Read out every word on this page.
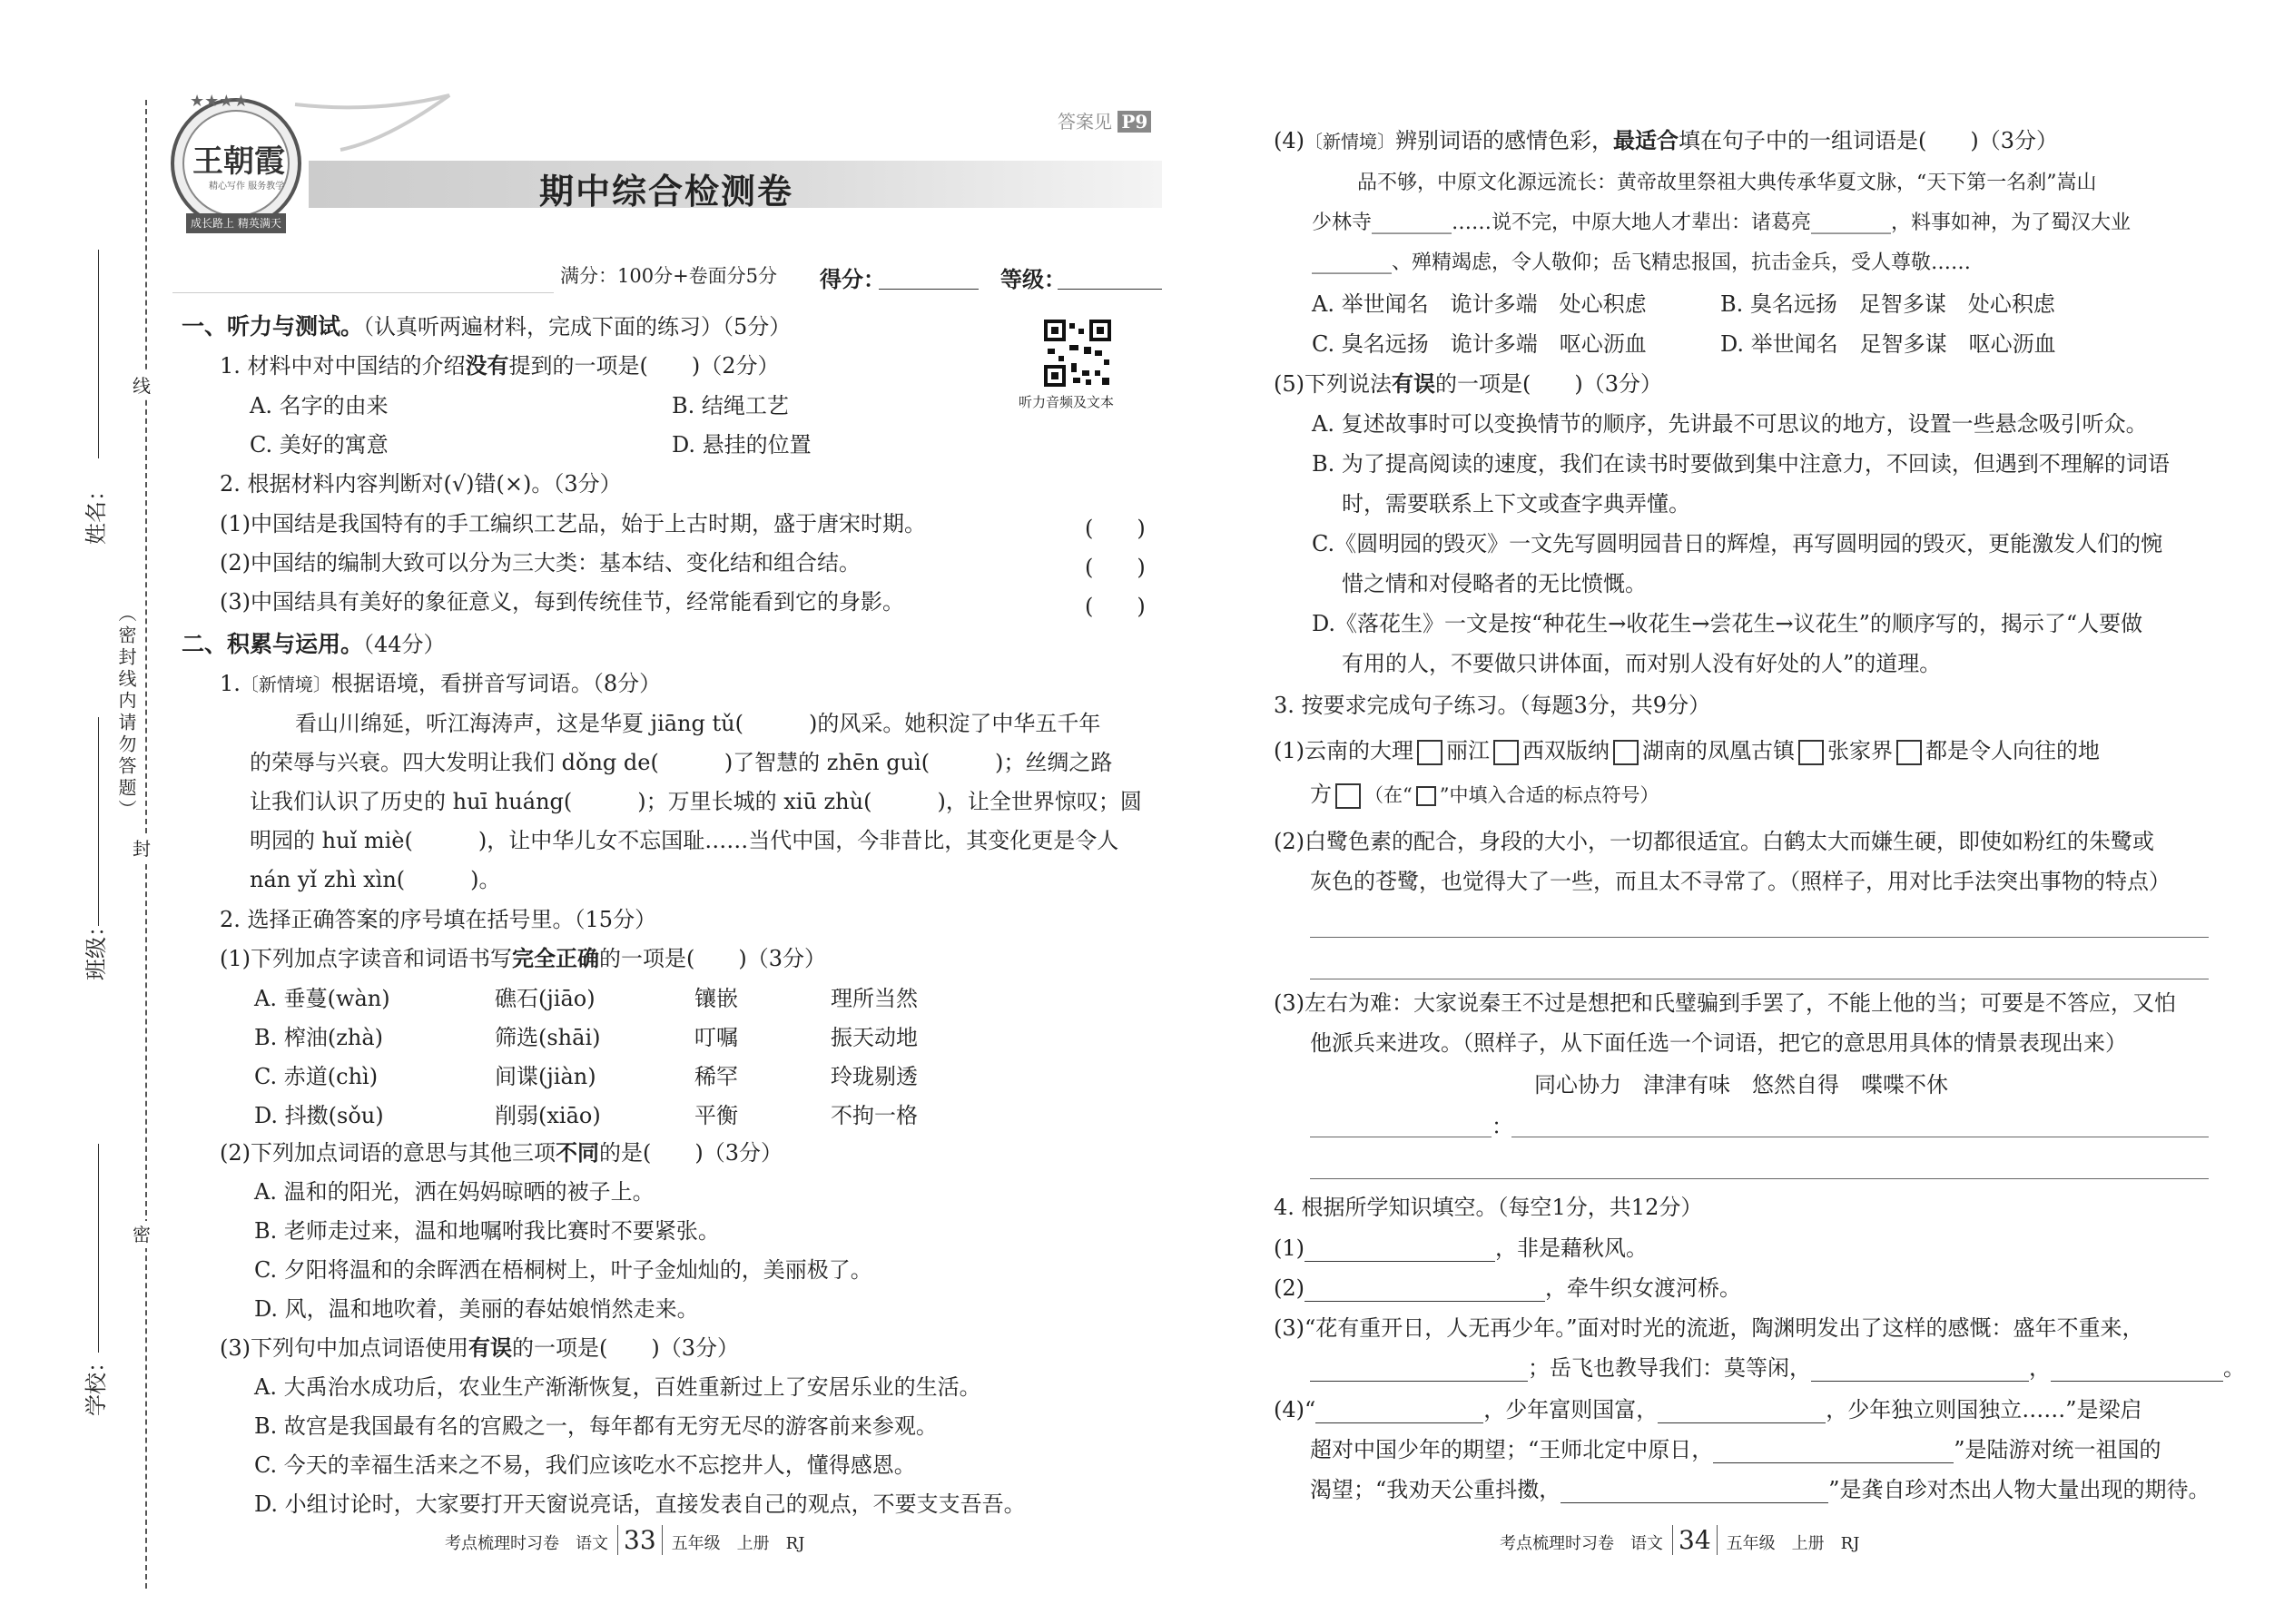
线
封
密
（密封线内请勿答题）
姓名：
班级：
学校：
★★★★
王朝霞
精心写作 服务教学
成长路上 精英满天
答案见 P9
期中综合检测卷
满分：100分+卷面分5分 得分：	等级：
听力音频及文本
一、听力与测试。（认真听两遍材料，完成下面的练习）（5分）
1. 材料中对中国结的介绍没有提到的一项是(　　)（2分）
A. 名字的由来	B. 结绳工艺
C. 美好的寓意	D. 悬挂的位置
2. 根据材料内容判断对(√)错(×)。（3分）
(1)中国结是我国特有的手工编织工艺品，始于上古时期，盛于唐宋时期。	(　　)
(2)中国结的编制大致可以分为三大类：基本结、变化结和组合结。	(　　)
(3)中国结具有美好的象征意义，每到传统佳节，经常能看到它的身影。	(　　)
二、积累与运用。（44分）
1.〔新情境〕根据语境，看拼音写词语。（8分）
看山川绵延，听江海涛声，这是华夏 jiāng tǔ(　　　)的风采。她积淀了中华五千年
的荣辱与兴衰。四大发明让我们 dǒng de(　　　)了智慧的 zhēn guì(　　　)；丝绸之路
让我们认识了历史的 huī huáng(　　　)；万里长城的 xiū zhù(　　　)，让全世界惊叹；圆
明园的 huǐ miè(　　　)，让中华儿女不忘国耻……当代中国，今非昔比，其变化更是令人
nán yǐ zhì xìn(　　　)。
2. 选择正确答案的序号填在括号里。（15分）
(1)下列加点字读音和词语书写完全正确的一项是(　　)（3分）
A. 垂蔓(wàn)	礁石(jiāo)	镶嵌	理所当然
B. 榨油(zhà)	筛选(shāi)	叮嘱	振天动地
C. 赤道(chì)	间谍(jiàn)	稀罕	玲珑剔透
D. 抖擞(sǒu)	削弱(xiāo)	平衡	不拘一格
(2)下列加点词语的意思与其他三项不同的是(　　)（3分）
A. 温和的阳光，洒在妈妈晾晒的被子上。
B. 老师走过来，温和地嘱咐我比赛时不要紧张。
C. 夕阳将温和的余晖洒在梧桐树上，叶子金灿灿的，美丽极了。
D. 风，温和地吹着，美丽的春姑娘悄然走来。
(3)下列句中加点词语使用有误的一项是(　　)（3分）
A. 大禹治水成功后，农业生产渐渐恢复，百姓重新过上了安居乐业的生活。
B. 故宫是我国最有名的宫殿之一，每年都有无穷无尽的游客前来参观。
C. 今天的幸福生活来之不易，我们应该吃水不忘挖井人，懂得感恩。
D. 小组讨论时，大家要打开天窗说亮话，直接发表自己的观点，不要支支吾吾。
(4)〔新情境〕辨别词语的感情色彩，最适合填在句子中的一组词语是(　　)（3分）
品不够，中原文化源远流长：黄帝故里祭祖大典传承华夏文脉，“天下第一名刹”嵩山
少林寺________……说不完，中原大地人才辈出：诸葛亮________，料事如神，为了蜀汉大业
________、殚精竭虑，令人敬仰；岳飞精忠报国，抗击金兵，受人尊敬……
A. 举世闻名　诡计多端　处心积虑	B. 臭名远扬　足智多谋　处心积虑
C. 臭名远扬　诡计多端　呕心沥血	D. 举世闻名　足智多谋　呕心沥血
(5)下列说法有误的一项是(　　)（3分）
A. 复述故事时可以变换情节的顺序，先讲最不可思议的地方，设置一些悬念吸引听众。
B. 为了提高阅读的速度，我们在读书时要做到集中注意力，不回读，但遇到不理解的词语
时，需要联系上下文或查字典弄懂。
C.《圆明园的毁灭》一文先写圆明园昔日的辉煌，再写圆明园的毁灭，更能激发人们的惋
惜之情和对侵略者的无比愤慨。
D.《落花生》一文是按“种花生→收花生→尝花生→议花生”的顺序写的，揭示了“人要做
有用的人，不要做只讲体面，而对别人没有好处的人”的道理。
3. 按要求完成句子练习。（每题3分，共9分）
(1)云南的大理 丽江 西双版纳 湖南的凤凰古镇 张家界 都是令人向往的地
方 （在“ ”中填入合适的标点符号）
(2)白鹭色素的配合，身段的大小，一切都很适宜。白鹤太大而嫌生硬，即使如粉红的朱鹭或
灰色的苍鹭，也觉得大了一些，而且太不寻常了。（照样子，用对比手法突出事物的特点）
(3)左右为难：大家说秦王不过是想把和氏璧骗到手罢了，不能上他的当；可要是不答应，又怕
他派兵来进攻。（照样子，从下面任选一个词语，把它的意思用具体的情景表现出来）
同心协力　津津有味　悠然自得　喋喋不休
：
4. 根据所学知识填空。（每空1分，共12分）
(1)	，非是藉秋风。
(2)	，牵牛织女渡河桥。
(3)“花有重开日，人无再少年。”面对时光的流逝，陶渊明发出了这样的感慨：盛年不重来，
；岳飞也教导我们：莫等闲，	，	。
(4)“	，少年富则国富，	，少年独立则国独立……”是梁启
超对中国少年的期望；“王师北定中原日，	”是陆游对统一祖国的
渴望；“我劝天公重抖擞，	”是龚自珍对杰出人物大量出现的期待。
考点梳理时习卷　语文 33 五年级　上册　RJ	考点梳理时习卷　语文 34 五年级　上册　RJ
